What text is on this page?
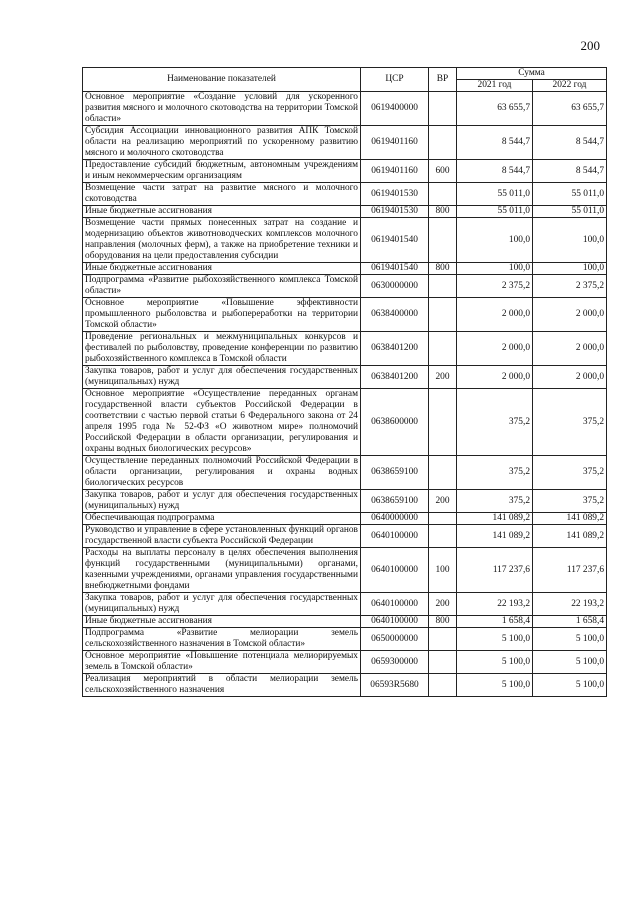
200
Наименование показателей	ЦСР	ВР	Сумма	
			2021 год	2022 год
Основное мероприятие «Создание условий для ускоренного развития мясного и молочного скотоводства на территории Томской области»	0619400000		63 655,7	63 655,7
Субсидия Ассоциации инновационного развития АПК Томской области на реализацию мероприятий по ускоренному развитию мясного и молочного скотоводства	0619401160		8 544,7	8 544,7
Предоставление субсидий бюджетным, автономным учреждениям и иным некоммерческим организациям	0619401160	600	8 544,7	8 544,7
Возмещение части затрат на развитие мясного и молочного скотоводства	0619401530		55 011,0	55 011,0
Иные бюджетные ассигнования	0619401530	800	55 011,0	55 011,0
Возмещение части прямых понесенных затрат на создание и модернизацию объектов животноводческих комплексов молочного направления (молочных ферм), а также на приобретение техники и оборудования на цели предоставления субсидии	0619401540		100,0	100,0
Иные бюджетные ассигнования	0619401540	800	100,0	100,0
Подпрограмма «Развитие рыбохозяйственного комплекса Томской области»	0630000000		2 375,2	2 375,2
Основное мероприятие «Повышение эффективности промышленного рыболовства и рыбопереработки на территории Томской области»	0638400000		2 000,0	2 000,0
Проведение региональных и межмуниципальных конкурсов и фестивалей по рыболовству, проведение конференции по развитию рыбохозяйственного комплекса в Томской области	0638401200		2 000,0	2 000,0
Закупка товаров, работ и услуг для обеспечения государственных (муниципальных) нужд	0638401200	200	2 000,0	2 000,0
Основное мероприятие «Осуществление переданных органам государственной власти субъектов Российской Федерации в соответствии с частью первой статьи 6 Федерального закона от 24 апреля 1995 года № 52-ФЗ «О животном мире» полномочий Российской Федерации в области организации, регулирования и охраны водных биологических ресурсов»	0638600000		375,2	375,2
Осуществление переданных полномочий Российской Федерации в области организации, регулирования и охраны водных биологических ресурсов	0638659100		375,2	375,2
Закупка товаров, работ и услуг для обеспечения государственных (муниципальных) нужд	0638659100	200	375,2	375,2
Обеспечивающая подпрограмма	0640000000		141 089,2	141 089,2
Руководство и управление в сфере установленных функций органов государственной власти субъекта Российской Федерации	0640100000		141 089,2	141 089,2
Расходы на выплаты персоналу в целях обеспечения выполнения функций государственными (муниципальными) органами, казенными учреждениями, органами управления государственными внебюджетными фондами	0640100000	100	117 237,6	117 237,6
Закупка товаров, работ и услуг для обеспечения государственных (муниципальных) нужд	0640100000	200	22 193,2	22 193,2
Иные бюджетные ассигнования	0640100000	800	1 658,4	1 658,4
Подпрограмма «Развитие мелиорации земель сельскохозяйственного назначения в Томской области»	0650000000		5 100,0	5 100,0
Основное мероприятие «Повышение потенциала мелиорируемых земель в Томской области»	0659300000		5 100,0	5 100,0
Реализация мероприятий в области мелиорации земель сельскохозяйственного назначения	06593R5680		5 100,0	5 100,0
